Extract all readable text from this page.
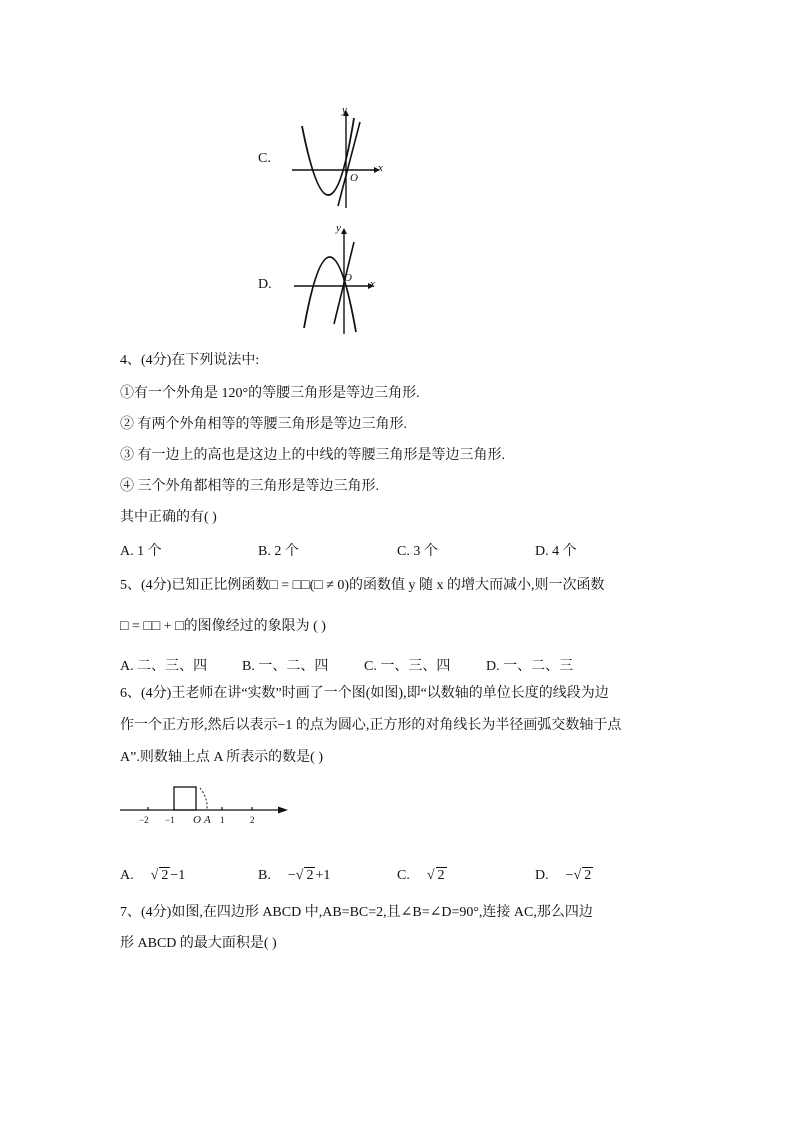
C.
y
x
O
D.
y
x
O
4、(4分)在下列说法中:
①有一个外角是 120°的等腰三角形是等边三角形.
② 有两个外角相等的等腰三角形是等边三角形.
③ 有一边上的高也是这边上的中线的等腰三角形是等边三角形.
④ 三个外角都相等的三角形是等边三角形.
其中正确的有( )
A. 1 个	B. 2 个	C. 3 个	D. 4 个
5、(4分)已知正比例函数□ = □□(□ ≠ 0)的函数值 y 随 x 的增大而减小,则一次函数
□ = □□ + □的图像经过的象限为 ( )
A. 二、三、四 B. 一、二、四	C. 一、三、四	D. 一、二、三
6、(4分)王老师在讲“实数”时画了一个图(如图),即“以数轴的单位长度的线段为边
作一个正方形,然后以表示−1 的点为圆心,正方形的对角线长为半径画弧交数轴于点
A”.则数轴上点 A 所表示的数是( )
−2 −1 O A 1	2
A. √ 2 −1	B. −√ 2 +1	C. √ 2	D. −√ 2
7、(4分)如图,在四边形 ABCD 中,AB=BC=2,且∠B=∠D=90°,连接 AC,那么四边
形 ABCD 的最大面积是( )
